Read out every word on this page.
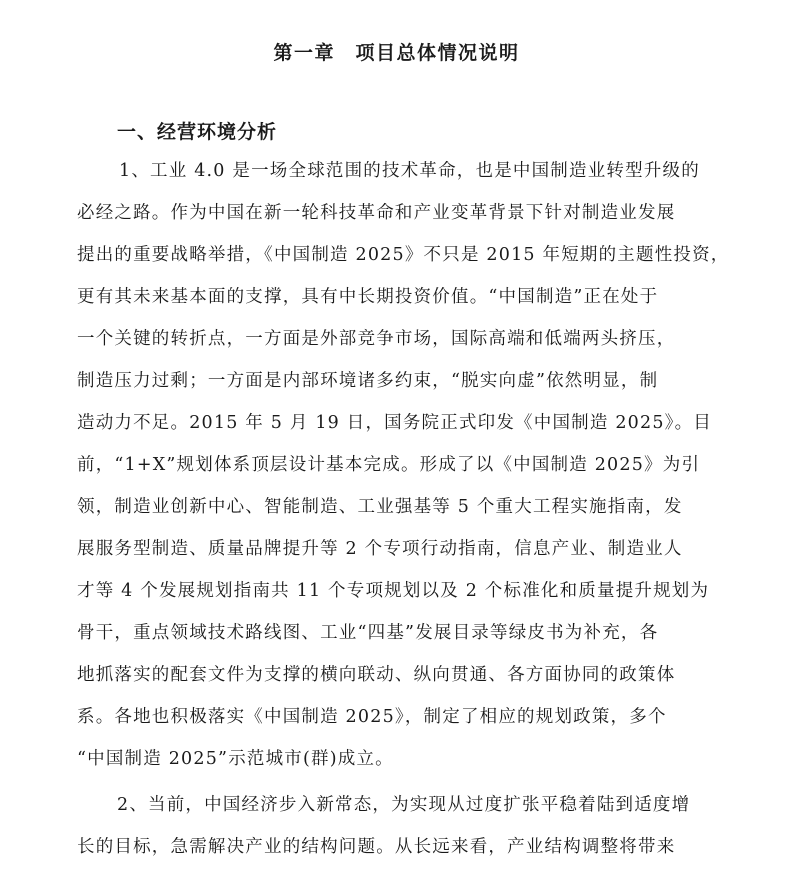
第一章　项目总体情况说明
一、经营环境分析
1、工业 4.0 是一场全球范围的技术革命，也是中国制造业转型升级的
必经之路。作为中国在新一轮科技革命和产业变革背景下针对制造业发展
提出的重要战略举措，《中国制造 2025》不只是 2015 年短期的主题性投资，
更有其未来基本面的支撑，具有中长期投资价值。“中国制造”正在处于
一个关键的转折点，一方面是外部竞争市场，国际高端和低端两头挤压，
制造压力过剩；一方面是内部环境诸多约束，“脱实向虚”依然明显，制
造动力不足。2015 年 5 月 19 日，国务院正式印发《中国制造 2025》。目
前，“1+X”规划体系顶层设计基本完成。形成了以《中国制造 2025》为引
领，制造业创新中心、智能制造、工业强基等 5 个重大工程实施指南，发
展服务型制造、质量品牌提升等 2 个专项行动指南，信息产业、制造业人
才等 4 个发展规划指南共 11 个专项规划以及 2 个标准化和质量提升规划为
骨干，重点领域技术路线图、工业“四基”发展目录等绿皮书为补充，各
地抓落实的配套文件为支撑的横向联动、纵向贯通、各方面协同的政策体
系。各地也积极落实《中国制造 2025》，制定了相应的规划政策，多个
“中国制造 2025”示范城市(群)成立。
2、当前，中国经济步入新常态，为实现从过度扩张平稳着陆到适度增
长的目标，急需解决产业的结构问题。从长远来看，产业结构调整将带来
